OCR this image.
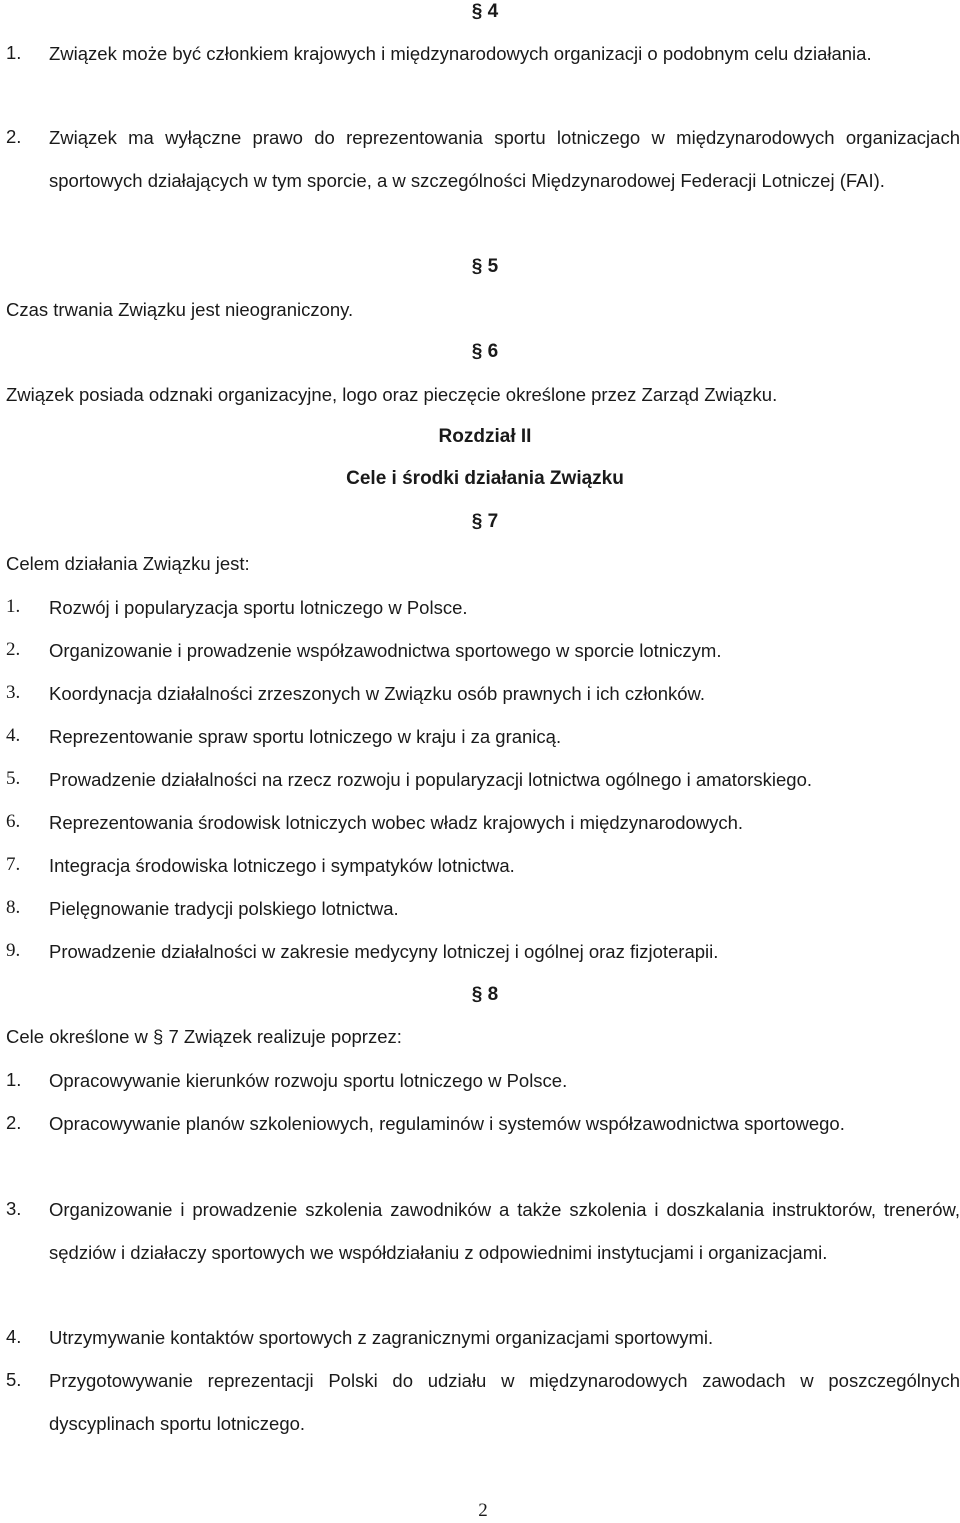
§ 4
1.	Związek może być członkiem krajowych i międzynarodowych organizacji o podobnym celu działania.
2.	Związek ma wyłączne prawo do reprezentowania sportu lotniczego w międzynarodowych organizacjach sportowych działających w tym sporcie, a w szczególności Międzynarodowej Federacji Lotniczej (FAI).
§ 5

Czas trwania Związku jest nieograniczony.

§ 6

Związek posiada odznaki organizacyjne, logo oraz pieczęcie określone przez Zarząd Związku.

Rozdział II
Cele i środki działania Związku
§ 7

Celem działania Związku jest:

1.	Rozwój i popularyzacja sportu lotniczego w Polsce.
2.	Organizowanie i prowadzenie współzawodnictwa sportowego w sporcie lotniczym.
3.	Koordynacja działalności zrzeszonych w Związku osób prawnych i ich członków.
4.	Reprezentowanie spraw sportu lotniczego w kraju i za granicą.
5.	Prowadzenie działalności na rzecz rozwoju i popularyzacji lotnictwa ogólnego i amatorskiego.
6.	Reprezentowania środowisk lotniczych wobec władz krajowych i międzynarodowych.
7.	Integracja środowiska lotniczego i sympatyków lotnictwa.
8.	Pielęgnowanie tradycji polskiego lotnictwa.
9.	Prowadzenie działalności w zakresie medycyny lotniczej i ogólnej oraz fizjoterapii.
§ 8

Cele określone w § 7 Związek realizuje poprzez:

1.	Opracowywanie kierunków rozwoju sportu lotniczego w Polsce.
2.	Opracowywanie planów szkoleniowych, regulaminów i systemów współzawodnictwa sportowego.
3.	Organizowanie i prowadzenie szkolenia zawodników a także szkolenia i doszkalania instruktorów, trenerów, sędziów i działaczy sportowych we współdziałaniu z odpowiednimi instytucjami i organizacjami.
4.	Utrzymywanie kontaktów sportowych z zagranicznymi organizacjami sportowymi.
5.	Przygotowywanie reprezentacji Polski do udziału w międzynarodowych zawodach w poszczególnych dyscyplinach sportu lotniczego.
2
